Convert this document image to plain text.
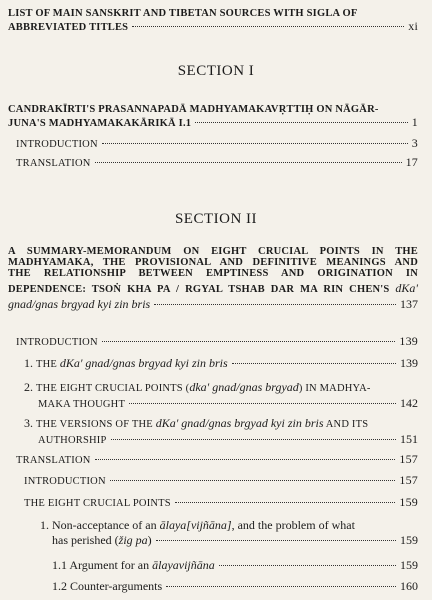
LIST OF MAIN SANSKRIT AND TIBETAN SOURCES WITH SIGLA OF
ABBREVIATED TITLES	xi
SECTION I
CANDRAKĪRTI'S PRASANNAPADĀ MADHYAMAKAVṚTTIḤ ON NĀGĀR-
JUNA'S MADHYAMAKAKĀRIKĀ I.1	1
INTRODUCTION	3
TRANSLATION	17
SECTION II
A SUMMARY-MEMORANDUM ON EIGHT CRUCIAL POINTS IN THE
MADHYAMAKA, THE PROVISIONAL AND DEFINITIVE MEANINGS AND
THE RELATIONSHIP BETWEEN EMPTINESS AND ORIGINATION IN
DEPENDENCE: TSOṄ KHA PA / RGYAL TSHAB DAR MA RIN CHEN'S dKa'
gnad/gnas brgyad kyi zin bris	137
INTRODUCTION	139
1. THE dKa' gnad/gnas brgyad kyi zin bris	139
2. THE EIGHT CRUCIAL POINTS (dka' gnad/gnas brgyad) IN MADHYA-
MAKA THOUGHT	142
3. THE VERSIONS OF THE dKa' gnad/gnas brgyad kyi zin bris AND ITS
AUTHORSHIP	151
TRANSLATION	157
INTRODUCTION	157
THE EIGHT CRUCIAL POINTS	159
1. Non-acceptance of an ālaya[vijñāna], and the problem of what
has perished (žig pa)	159
1.1 Argument for an ālayavijñāna	159
1.2 Counter-arguments	160
